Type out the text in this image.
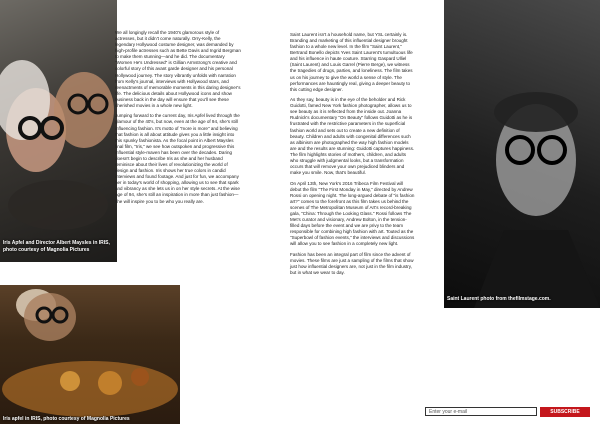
Iris Apfel and Director Albert Maysles in IRIS, photo courtesy of Magnolia Pictures
Iris apfel in IRIS, photo courtesy of Magnolia Pictures
Saint Laurent photo from thefilmstage.com.

We all longingly recall the 1940's glamorous style of actresses, but it didn't come naturally. Orry-Kelly, the legendary Hollywood costume designer, was demanded by high-profile actresses such as Bette Davis and Ingrid Bergman to make them stunning—and he did. The documentary "Women He's Undressed" is Gillian Armstrong's creative and colorful story of this avant garde designer and his personal Hollywood journey. The story vibrantly unfolds with narration from Kelly's journal, interviews with Hollywood stars, and reenactments of memorable moments in this daring designer's life. The delicious details about Hollywood icons and show business back in the day will ensure that you'll see these cherished movies in a whole new light.

Jumping forward to the current day, Iris Apfel lived through the glamour of the 40's, but now, even at the age of 94, she's still influencing fashion. It's motto of "more is more" and believing that fashion is all about attitude gives you a little insight into this spunky fashionista. As the focal point in Albert Maysles final film, "Iris," we see how outspoken and progressive this influential style-maven has been over the decades. Daring doesn't begin to describe Iris as she and her husband reminisce about their lives of revolutionizing the world of design and fashion. Iris shows her true colors in candid interviews and found footage. And just for fun, we accompany her in today's world of shopping, allowing us to see that spark and vibrancy as she lets us in on her style secrets. At the wise age of 94, she's still an inspiration in more than just fashion—she will inspire you to be who you really are.

Saint Laurent isn't a household name, but YSL certainly is. Branding and marketing of this influential designer brought fashion to a whole new level. In the film "Saint Laurent," Bertrand Bonello depicts Yves Saint Laurent's tumultuous life and his influence in haute couture. Starring Gaspard Ulliel (Saint Laurent) and Louis Garrel (Pierre Berge), we witness the tragedies of drugs, parties, and loneliness. The film takes us on his journey to give the world a sense of style. The performances are hauntingly real, giving a deeper beauty to this cutting edge designer.

As they say, beauty is in the eye of the beholder and Rick Guidotti, famed New York fashion photographer, allows us to see beauty as it is reflected from the inside out. Joanna Rudnick's documentary "On Beauty" follows Guidotti as he is frustrated with the restrictive parameters in the superficial fashion world and sets out to create a new definition of beauty. Children and adults with congenital differences such as albinism are photographed the way high fashion models are and the results are stunning: Guidotti captures happiness. The film highlights stories of mothers, children, and adults who struggle with judgmental looks, but a transformation occurs that will remove your own prejudiced blinders and make you smile. Now, that's beautiful.

On April 13th, New York's 2016 Tribeca Film Festival will debut the film "The First Monday in May," directed by Andrew Rossi on opening night. The long-argued debate of "is fashion art?" comes to the forefront as this film takes us behind the scenes of The Metropolitan Museum of Art's record-breaking gala, "China: Through the Looking Glass." Rossi follows The Met's curator and visionary, Andrew Bolton, in the tension-filled days before the event and we are privy to the team responsible for combining high fashion with art. Touted as the "Superbowl of fashion events," the interviews and discussions will allow you to see fashion in a completely new light.

Fashion has been an integral part of film since the advent of movies. These films are just a sampling of the films that show just how influential designers are, not just in the film industry, but in what we wear to day.

Enter your e-mail	SUBSCRIBE
